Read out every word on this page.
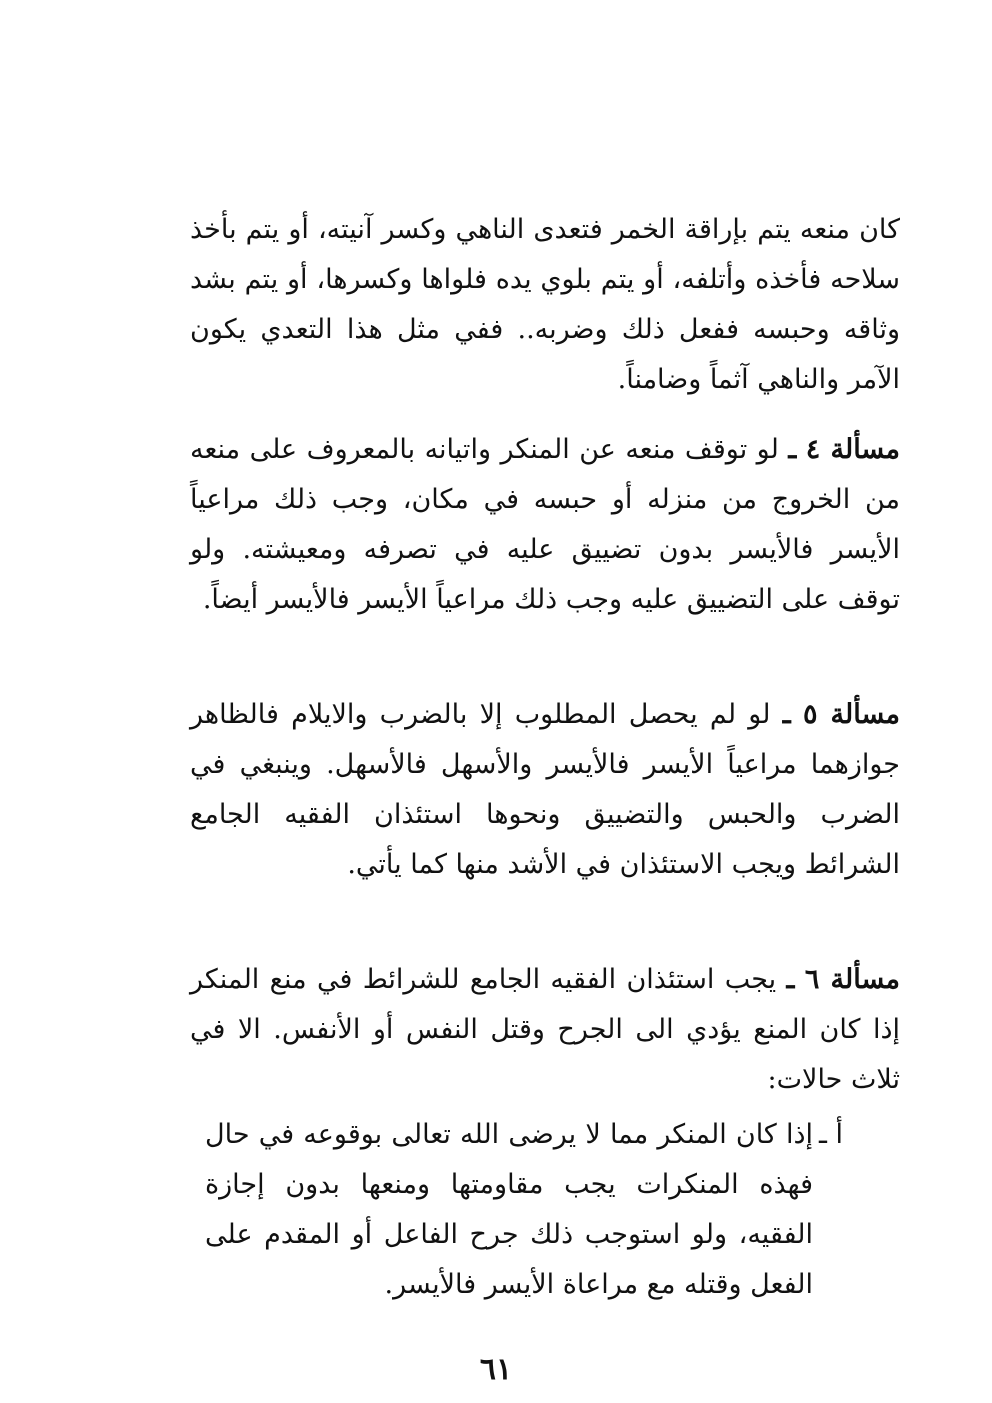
كان منعه يتم بإراقة الخمر فتعدى الناهي وكسر آنيته، أو يتم بأخذ سلاحه فأخذه وأتلفه، أو يتم بلوي يده فلواها وكسرها، أو يتم بشد وثاقه وحبسه ففعل ذلك وضربه.. ففي مثل هذا التعدي يكون الآمر والناهي آثماً وضامناً.

مسألة ٤ ـ لو توقف منعه عن المنكر واتيانه بالمعروف على منعه من الخروج من منزله أو حبسه في مكان، وجب ذلك مراعياً الأيسر فالأيسر بدون تضييق عليه في تصرفه ومعيشته. ولو توقف على التضييق عليه وجب ذلك مراعياً الأيسر فالأيسر أيضاً.

مسألة ٥ ـ لو لم يحصل المطلوب إلا بالضرب والايلام فالظاهر جوازهما مراعياً الأيسر فالأيسر والأسهل فالأسهل. وينبغي في الضرب والحبس والتضييق ونحوها استئذان الفقيه الجامع الشرائط ويجب الاستئذان في الأشد منها كما يأتي.

مسألة ٦ ـ يجب استئذان الفقيه الجامع للشرائط في منع المنكر إذا كان المنع يؤدي الى الجرح وقتل النفس أو الأنفس. الا في ثلاث حالات:

أ ـ

إذا كان المنكر مما لا يرضى الله تعالى بوقوعه في حال فهذه المنكرات يجب مقاومتها ومنعها بدون إجازة الفقيه، ولو استوجب ذلك جرح الفاعل أو المقدم على الفعل وقتله مع مراعاة الأيسر فالأيسر.

٦١
